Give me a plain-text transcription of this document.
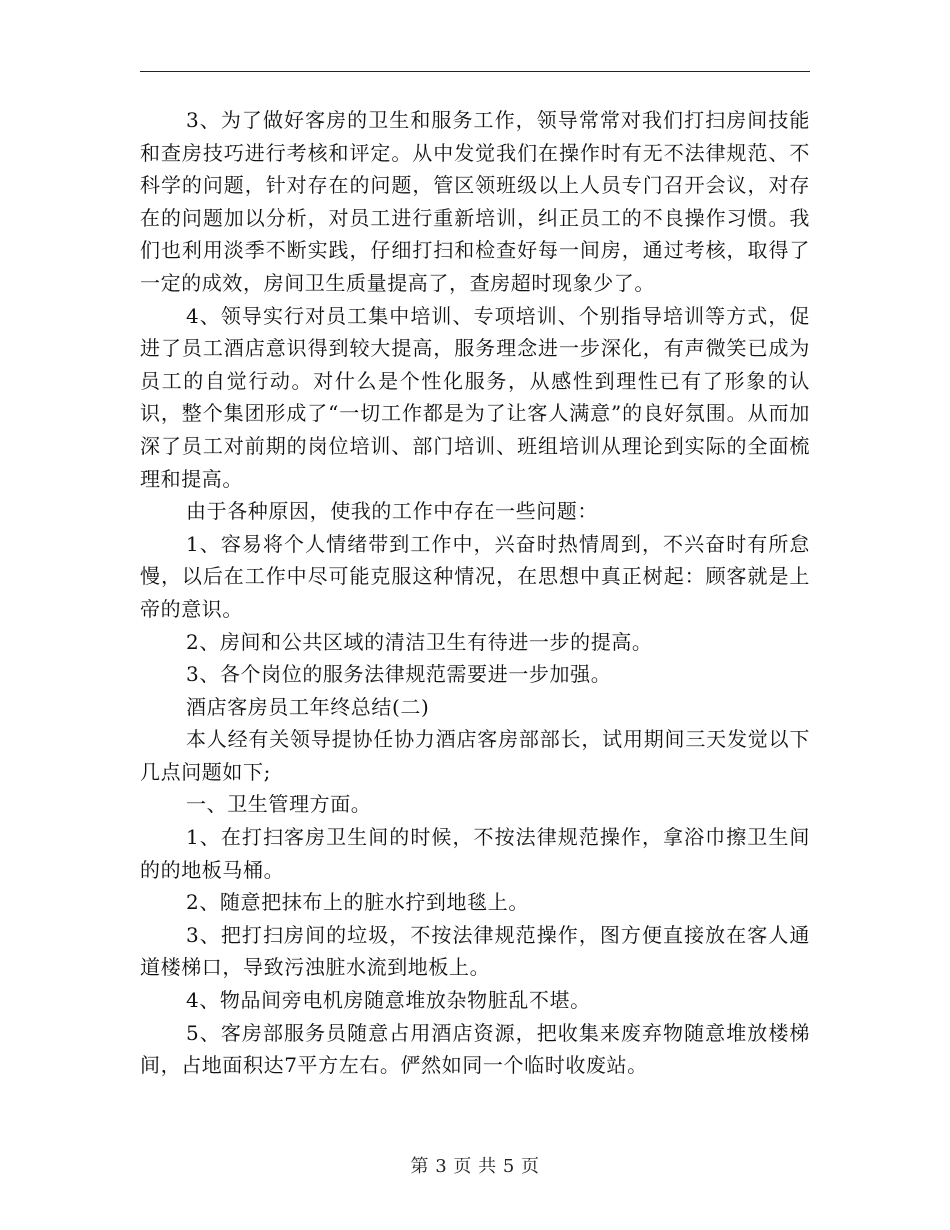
3、为了做好客房的卫生和服务工作，领导常常对我们打扫房间技能和查房技巧进行考核和评定。从中发觉我们在操作时有无不法律规范、不科学的问题，针对存在的问题，管区领班级以上人员专门召开会议，对存在的问题加以分析，对员工进行重新培训，纠正员工的不良操作习惯。我们也利用淡季不断实践，仔细打扫和检查好每一间房，通过考核，取得了一定的成效，房间卫生质量提高了，查房超时现象少了。

4、领导实行对员工集中培训、专项培训、个别指导培训等方式，促进了员工酒店意识得到较大提高，服务理念进一步深化，有声微笑已成为员工的自觉行动。对什么是个性化服务，从感性到理性已有了形象的认识，整个集团形成了“一切工作都是为了让客人满意”的良好氛围。从而加深了员工对前期的岗位培训、部门培训、班组培训从理论到实际的全面梳理和提高。

由于各种原因，使我的工作中存在一些问题：

1、容易将个人情绪带到工作中，兴奋时热情周到，不兴奋时有所怠慢，以后在工作中尽可能克服这种情况，在思想中真正树起：顾客就是上帝的意识。

2、房间和公共区域的清洁卫生有待进一步的提高。

3、各个岗位的服务法律规范需要进一步加强。

酒店客房员工年终总结(二)

本人经有关领导提协任协力酒店客房部部长，试用期间三天发觉以下几点问题如下;

一、卫生管理方面。

1、在打扫客房卫生间的时候，不按法律规范操作，拿浴巾擦卫生间的的地板马桶。

2、随意把抹布上的脏水拧到地毯上。

3、把打扫房间的垃圾，不按法律规范操作，图方便直接放在客人通道楼梯口，导致污浊脏水流到地板上。

4、物品间旁电机房随意堆放杂物脏乱不堪。

5、客房部服务员随意占用酒店资源，把收集来废弃物随意堆放楼梯间，占地面积达7平方左右。俨然如同一个临时收废站。

第 3 页 共 5 页
